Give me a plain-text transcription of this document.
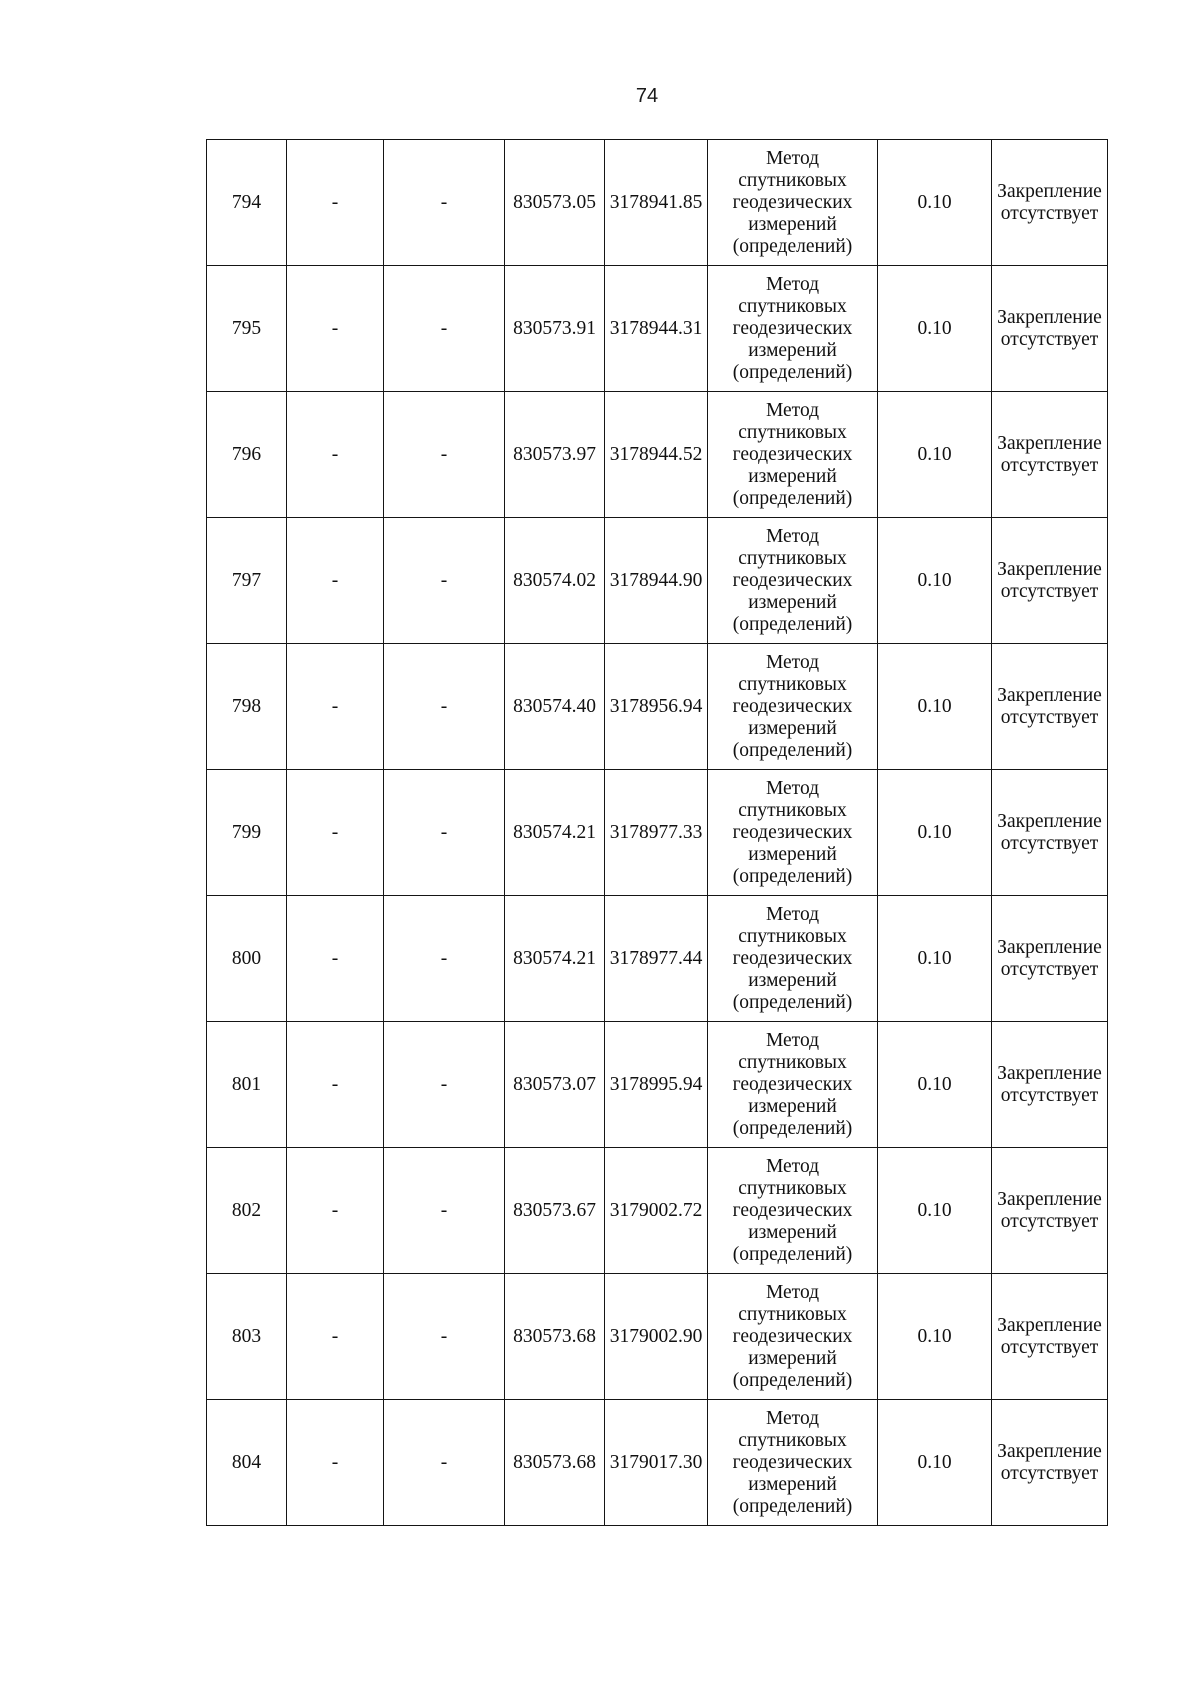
74
794	-	-	830573.05	3178941.85	Метод спутниковых геодезических измерений (определений)	0.10	Закрепление отсутствует

795	-	-	830573.91	3178944.31	Метод спутниковых геодезических измерений (определений)	0.10	Закрепление отсутствует

796	-	-	830573.97	3178944.52	Метод спутниковых геодезических измерений (определений)	0.10	Закрепление отсутствует

797	-	-	830574.02	3178944.90	Метод спутниковых геодезических измерений (определений)	0.10	Закрепление отсутствует

798	-	-	830574.40	3178956.94	Метод спутниковых геодезических измерений (определений)	0.10	Закрепление отсутствует

799	-	-	830574.21	3178977.33	Метод спутниковых геодезических измерений (определений)	0.10	Закрепление отсутствует

800	-	-	830574.21	3178977.44	Метод спутниковых геодезических измерений (определений)	0.10	Закрепление отсутствует

801	-	-	830573.07	3178995.94	Метод спутниковых геодезических измерений (определений)	0.10	Закрепление отсутствует

802	-	-	830573.67	3179002.72	Метод спутниковых геодезических измерений (определений)	0.10	Закрепление отсутствует

803	-	-	830573.68	3179002.90	Метод спутниковых геодезических измерений (определений)	0.10	Закрепление отсутствует

804	-	-	830573.68	3179017.30	Метод спутниковых геодезических измерений (определений)	0.10	Закрепление отсутствует
